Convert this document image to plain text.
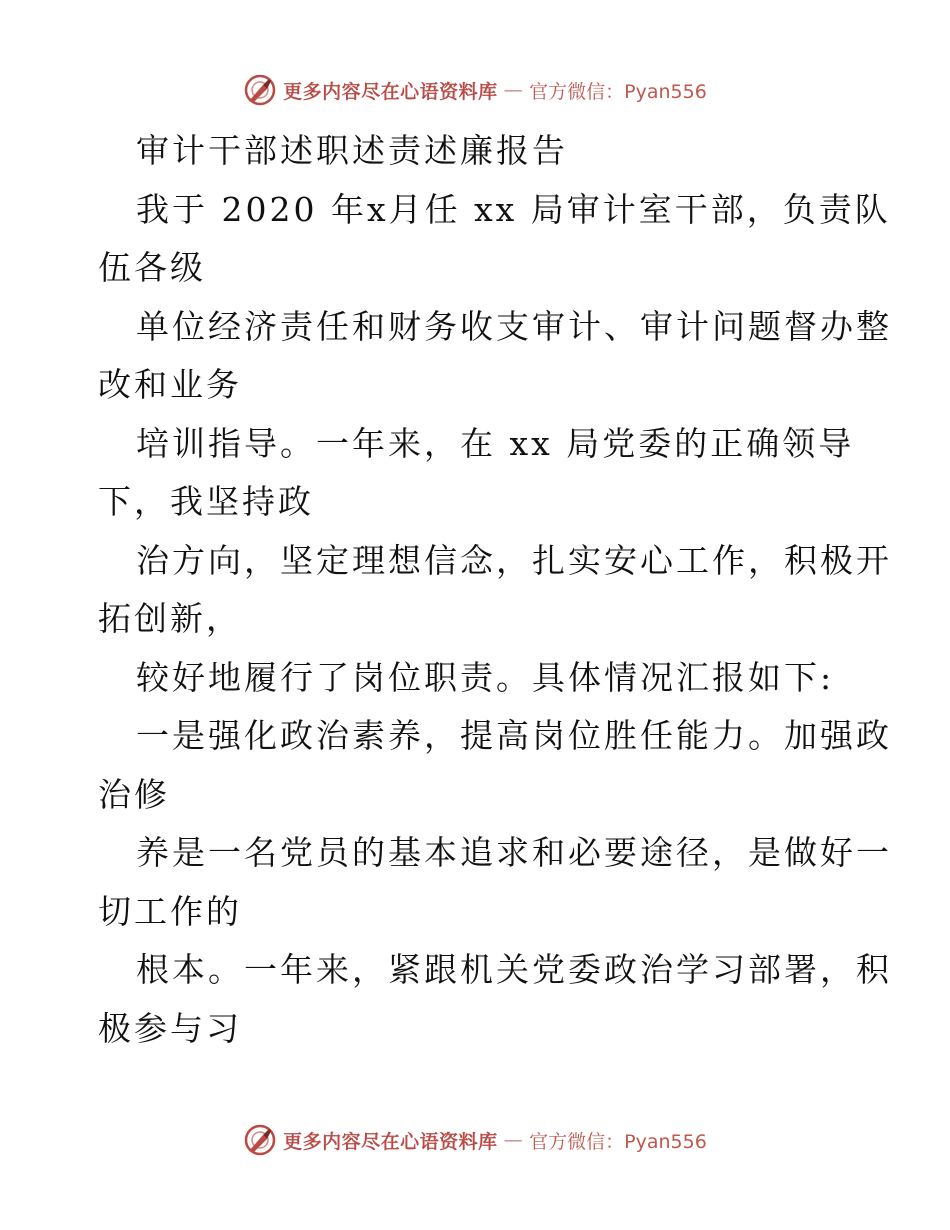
更多内容尽在心语资料库 — 官方微信：Pyan556
审计干部述职述责述廉报告
我于 2020 年x月任 xx 局审计室干部，负责队
伍各级
单位经济责任和财务收支审计、审计问题督办整
改和业务
培训指导。一年来，在 xx 局党委的正确领导
下，我坚持政
治方向，坚定理想信念，扎实安心工作，积极开
拓创新，
较好地履行了岗位职责。具体情况汇报如下:
一是强化政治素养，提高岗位胜任能力。加强政
治修
养是一名党员的基本追求和必要途径，是做好一
切工作的
根本。一年来，紧跟机关党委政治学习部署，积
极参与习
更多内容尽在心语资料库 — 官方微信：Pyan556
